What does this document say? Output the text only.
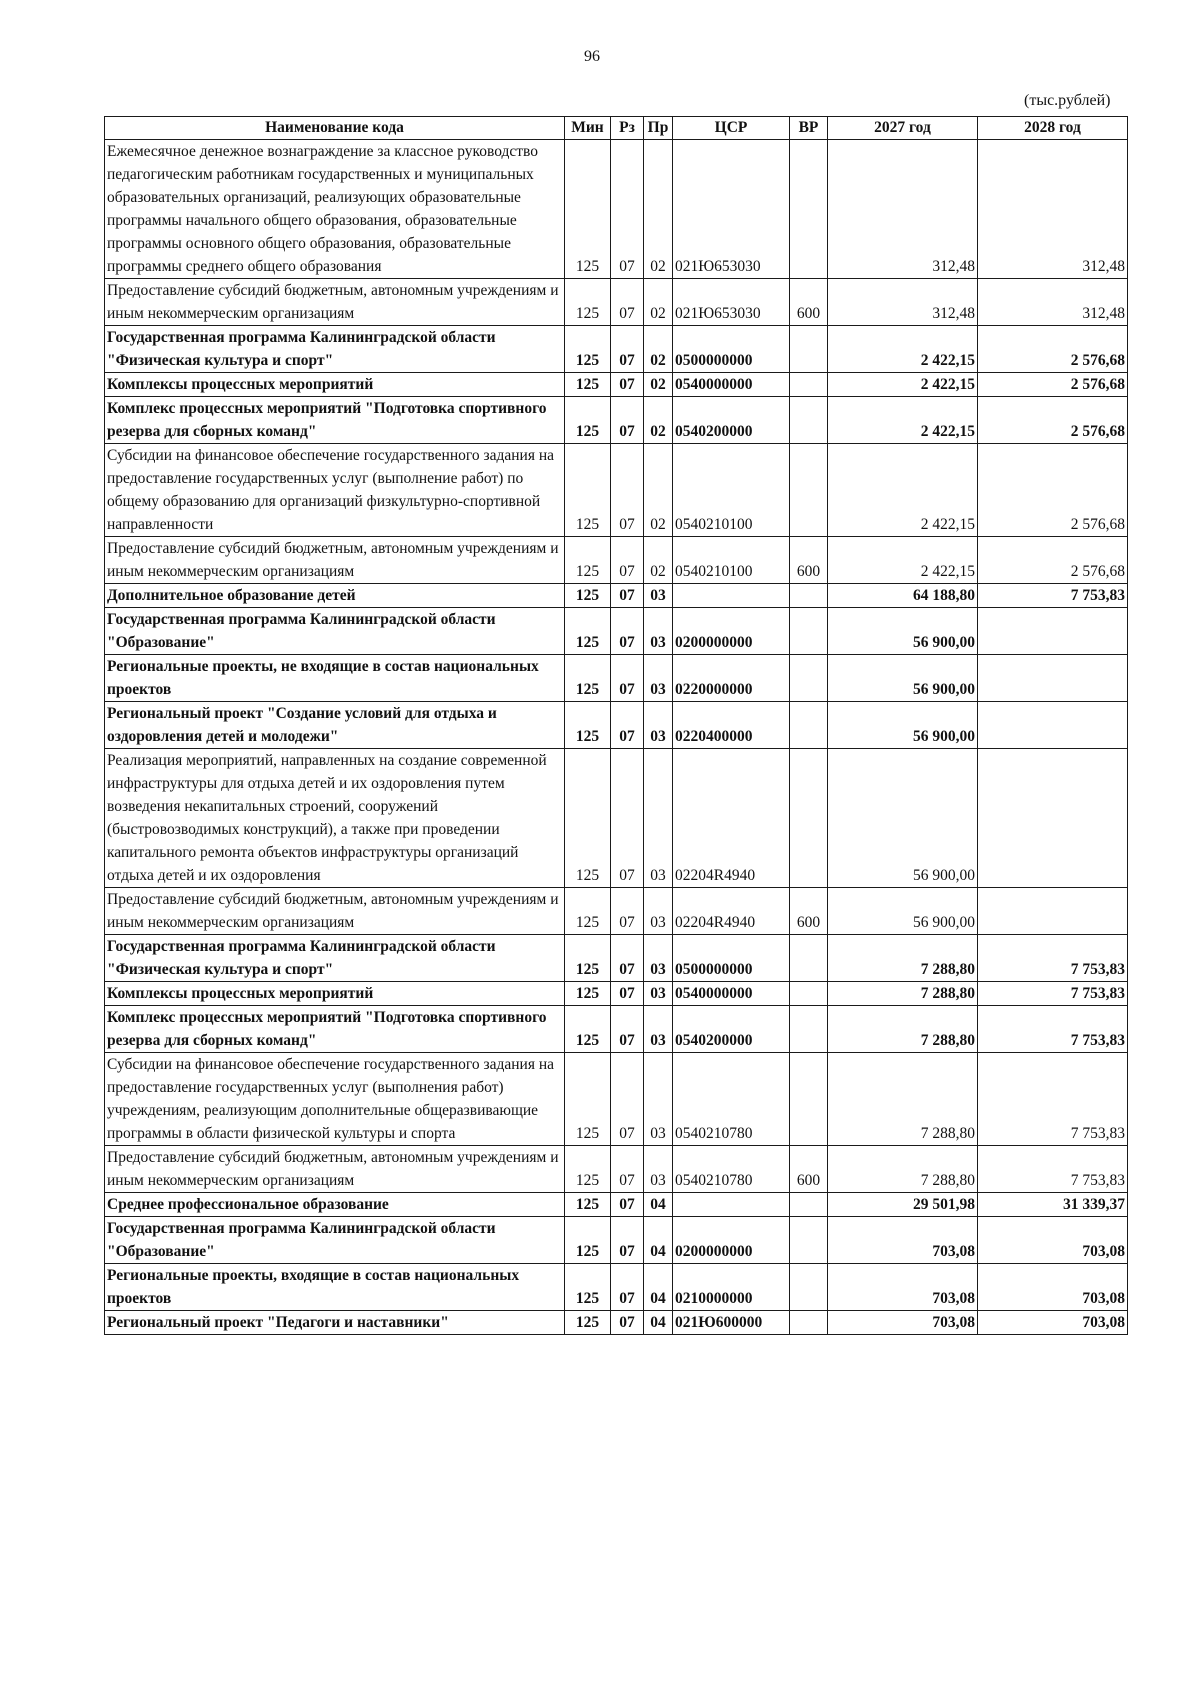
96
(тыс.рублей)
Наименование кода	Мин	Рз	Пр	ЦСР	ВР	2027 год	2028 год
Ежемесячное денежное вознаграждение за классное руководство педагогическим работникам государственных и муниципальных образовательных организаций, реализующих образовательные программы начального общего образования, образовательные программы основного общего образования, образовательные программы среднего общего образования	125	07	02	021Ю653030		312,48	312,48
Предоставление субсидий бюджетным, автономным учреждениям и иным некоммерческим организациям	125	07	02	021Ю653030	600	312,48	312,48
Государственная программа Калининградской области "Физическая культура и спорт"	125	07	02	0500000000		2 422,15	2 576,68
Комплексы процессных мероприятий	125	07	02	0540000000		2 422,15	2 576,68
Комплекс процессных мероприятий "Подготовка спортивного резерва для сборных команд"	125	07	02	0540200000		2 422,15	2 576,68
Субсидии на финансовое обеспечение государственного задания на предоставление государственных услуг (выполнение работ) по общему образованию для организаций физкультурно-спортивной направленности	125	07	02	0540210100		2 422,15	2 576,68
Предоставление субсидий бюджетным, автономным учреждениям и иным некоммерческим организациям	125	07	02	0540210100	600	2 422,15	2 576,68
Дополнительное образование детей	125	07	03			64 188,80	7 753,83
Государственная программа Калининградской области "Образование"	125	07	03	0200000000		56 900,00	
Региональные проекты, не входящие в состав национальных проектов	125	07	03	0220000000		56 900,00	
Региональный проект "Создание условий для отдыха и оздоровления детей и молодежи"	125	07	03	0220400000		56 900,00	
Реализация мероприятий, направленных на создание современной инфраструктуры для отдыха детей и их оздоровления путем возведения некапитальных строений, сооружений (быстровозводимых конструкций), а также при проведении капитального ремонта объектов инфраструктуры организаций отдыха детей и их оздоровления	125	07	03	02204R4940		56 900,00	
Предоставление субсидий бюджетным, автономным учреждениям и иным некоммерческим организациям	125	07	03	02204R4940	600	56 900,00	
Государственная программа Калининградской области "Физическая культура и спорт"	125	07	03	0500000000		7 288,80	7 753,83
Комплексы процессных мероприятий	125	07	03	0540000000		7 288,80	7 753,83
Комплекс процессных мероприятий "Подготовка спортивного резерва для сборных команд"	125	07	03	0540200000		7 288,80	7 753,83
Субсидии на финансовое обеспечение государственного задания на предоставление государственных услуг (выполнения работ) учреждениям, реализующим дополнительные общеразвивающие программы в области физической культуры и спорта	125	07	03	0540210780		7 288,80	7 753,83
Предоставление субсидий бюджетным, автономным учреждениям и иным некоммерческим организациям	125	07	03	0540210780	600	7 288,80	7 753,83
Среднее профессиональное образование	125	07	04			29 501,98	31 339,37
Государственная программа Калининградской области "Образование"	125	07	04	0200000000		703,08	703,08
Региональные проекты, входящие в состав национальных проектов	125	07	04	0210000000		703,08	703,08
Региональный проект "Педагоги и наставники"	125	07	04	021Ю600000		703,08	703,08
